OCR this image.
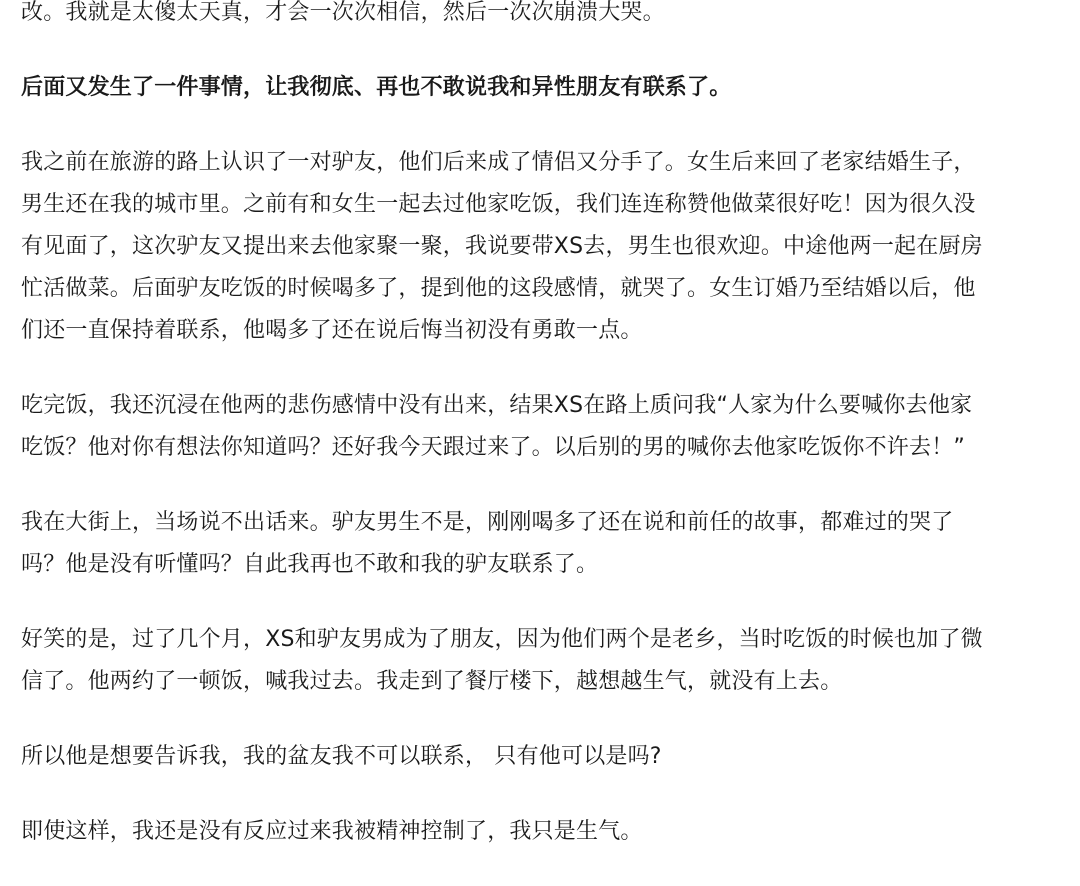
改。我就是太傻太天真，才会一次次相信，然后一次次崩溃大哭。

后面又发生了一件事情，让我彻底、再也不敢说我和异性朋友有联系了。

我之前在旅游的路上认识了一对驴友，他们后来成了情侣又分手了。女生后来回了老家结婚生子，
男生还在我的城市里。之前有和女生一起去过他家吃饭，我们连连称赞他做菜很好吃！因为很久没
有见面了，这次驴友又提出来去他家聚一聚，我说要带XS去，男生也很欢迎。中途他两一起在厨房
忙活做菜。后面驴友吃饭的时候喝多了，提到他的这段感情，就哭了。女生订婚乃至结婚以后，他
们还一直保持着联系，他喝多了还在说后悔当初没有勇敢一点。

吃完饭，我还沉浸在他两的悲伤感情中没有出来，结果XS在路上质问我“人家为什么要喊你去他家
吃饭？他对你有想法你知道吗？还好我今天跟过来了。以后别的男的喊你去他家吃饭你不许去！”

我在大街上，当场说不出话来。驴友男生不是，刚刚喝多了还在说和前任的故事，都难过的哭了
吗？他是没有听懂吗？自此我再也不敢和我的驴友联系了。

好笑的是，过了几个月，XS和驴友男成为了朋友，因为他们两个是老乡，当时吃饭的时候也加了微
信了。他两约了一顿饭，喊我过去。我走到了餐厅楼下，越想越生气，就没有上去。

所以他是想要告诉我，我的盆友我不可以联系， 只有他可以是吗?

即使这样，我还是没有反应过来我被精神控制了，我只是生气。
